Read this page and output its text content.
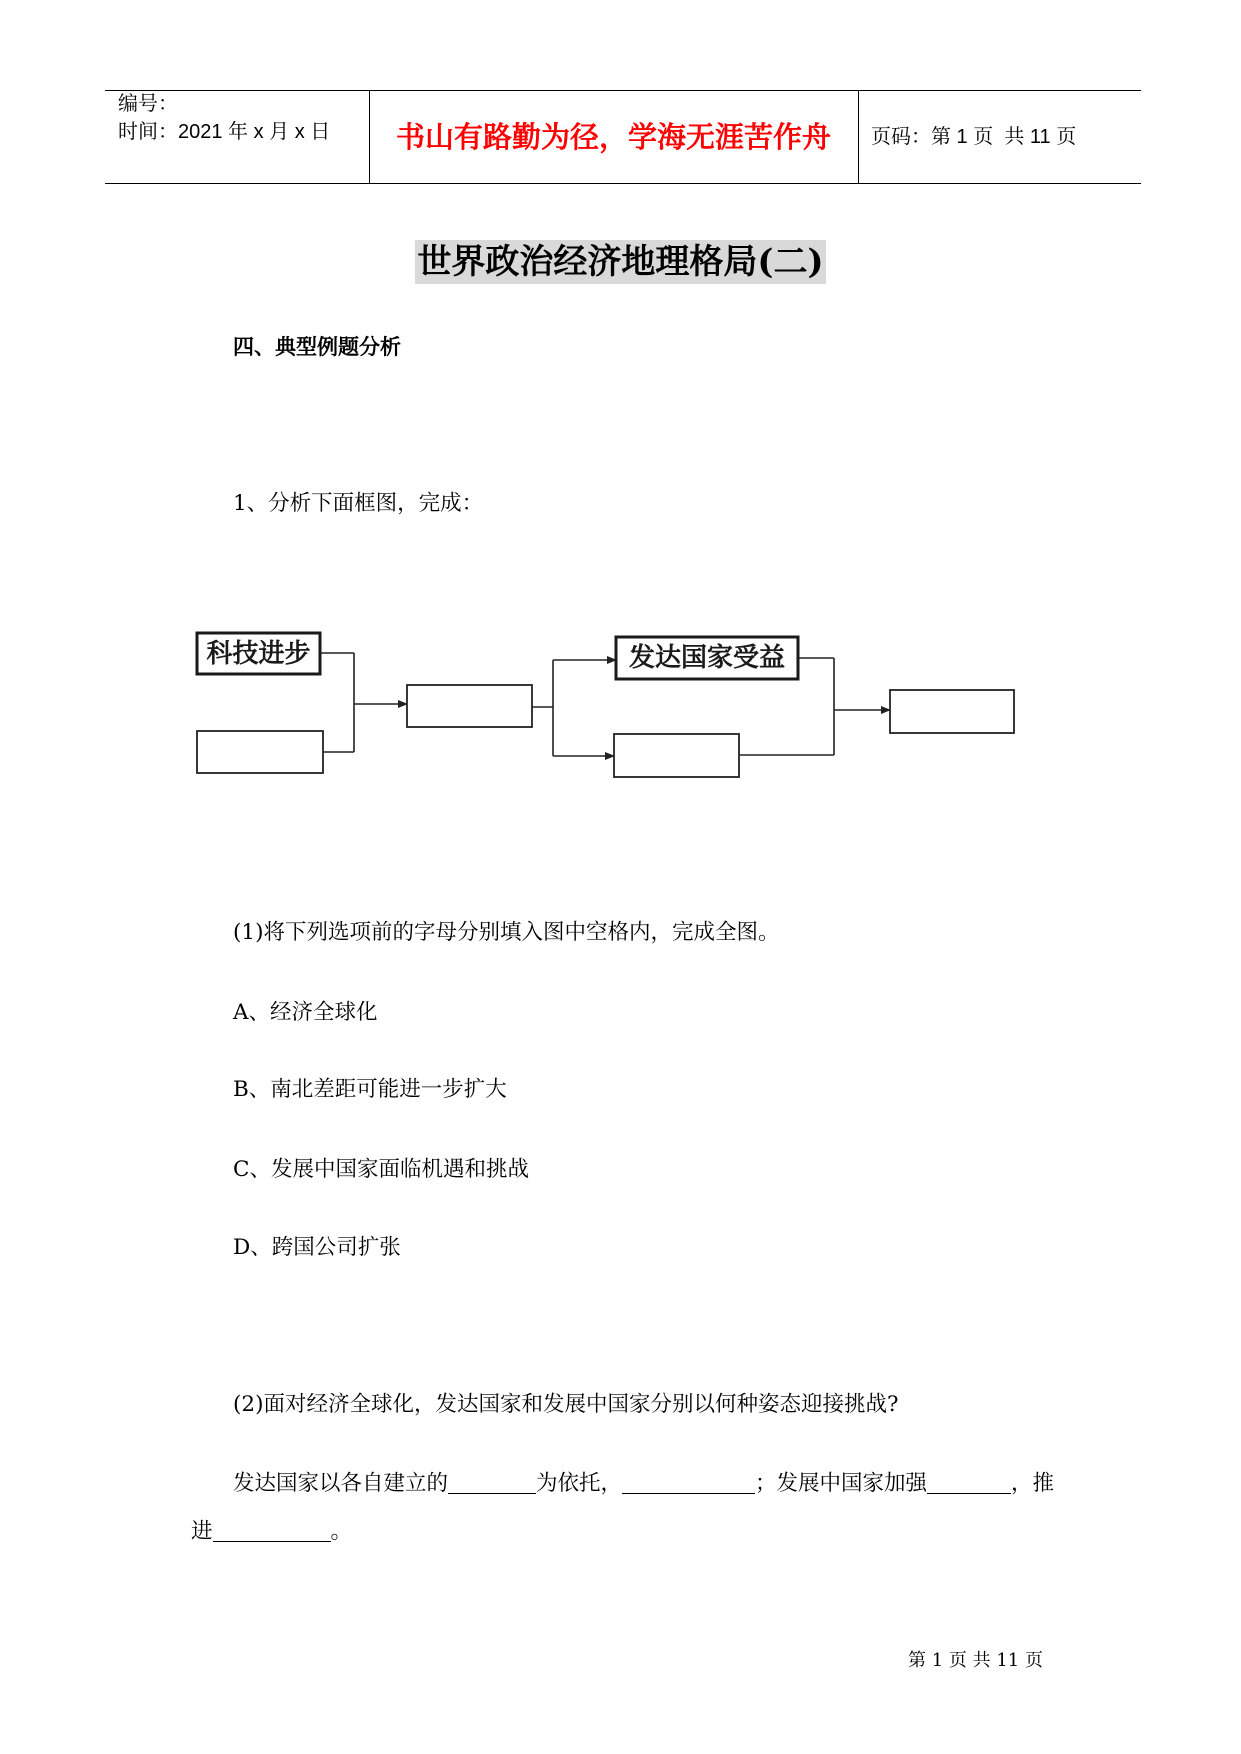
编号：
时间：2021 年 x 月 x 日	书山有路勤为径，学海无涯苦作舟	页码：第 1 页  共 11 页
世界政治经济地理格局(二)
四、典型例题分析
1、分析下面框图，完成：
科技进步	发达国家受益
(1)将下列选项前的字母分别填入图中空格内，完成全图。
A、经济全球化
B、南北差距可能进一步扩大
C、发展中国家面临机遇和挑战
D、跨国公司扩张
(2)面对经济全球化，发达国家和发展中国家分别以何种姿态迎接挑战?
发达国家以各自建立的	为依托，	；发展中国家加强	，推
进	。
第 1 页 共 11 页
